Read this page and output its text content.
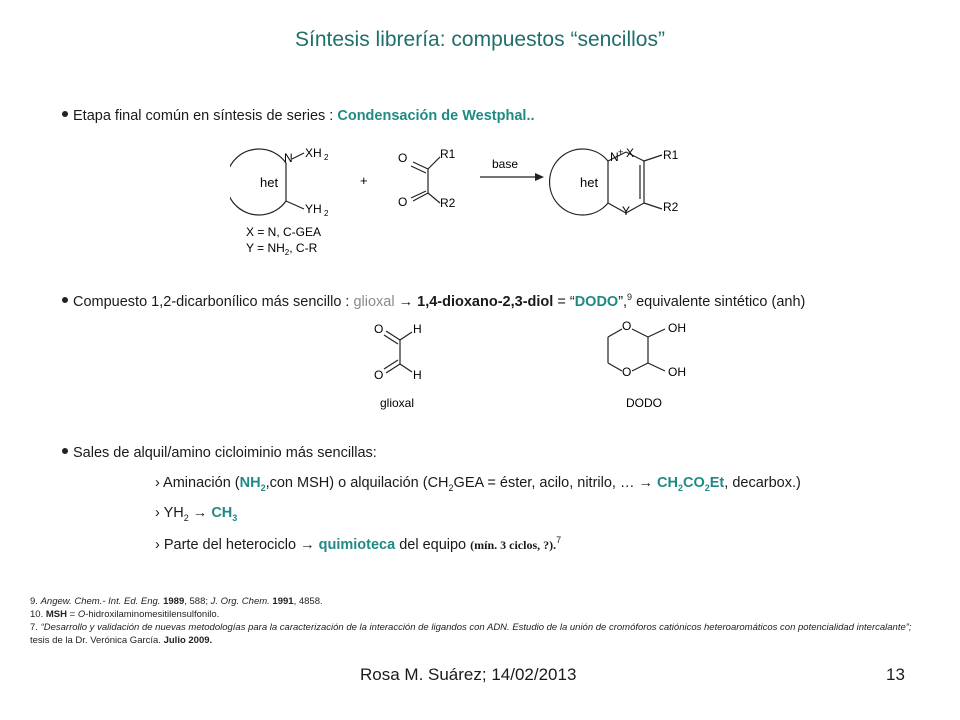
Síntesis librería: compuestos “sencillos”
Etapa final común en síntesis de series : Condensación de Westphal..
het
N XH 2
YH 2
+
O
O
R1
R2
base
het
N + X
Y
R1
R2
X = N, C-GEA
$Y = NH_2$, C-R
Compuesto 1,2-dicarbonílico más sencillo : glioxal → 1,4-dioxano-2,3-diol = “DODO”,$^9$ equivalente sintético (anh)
O
O
H
H
glioxal
O
O
OH
OH
DODO
Sales de alquil/amino cicloiminio más sencillas:
› Aminación ($NH_2,con$ MSH) o alquilación ($CH_2GEA$ = éster, acilo, nitrilo, … → $CH_2CO_2Et$, decarbox.)
› $YH_2 \to CH_3$
› Parte del heterociclo → quimioteca del equipo (mín. 3 ciclos, ?).$^7$
9. Angew. Chem.- Int. Ed. Eng. 1989, 588; J. Org. Chem. 1991, 4858.
10. MSH = O-hidroxilaminomesitilensulfonilo.
7. “Desarrollo y validación de nuevas metodologías para la caracterización de la interacción de ligandos con ADN. Estudio de la unión de cromóforos catiónicos heteroaromáticos con potencialidad intercalante”; tesis de la Dr. Verónica García. Julio 2009.
Rosa M. Suárez; 14/02/2013	13
